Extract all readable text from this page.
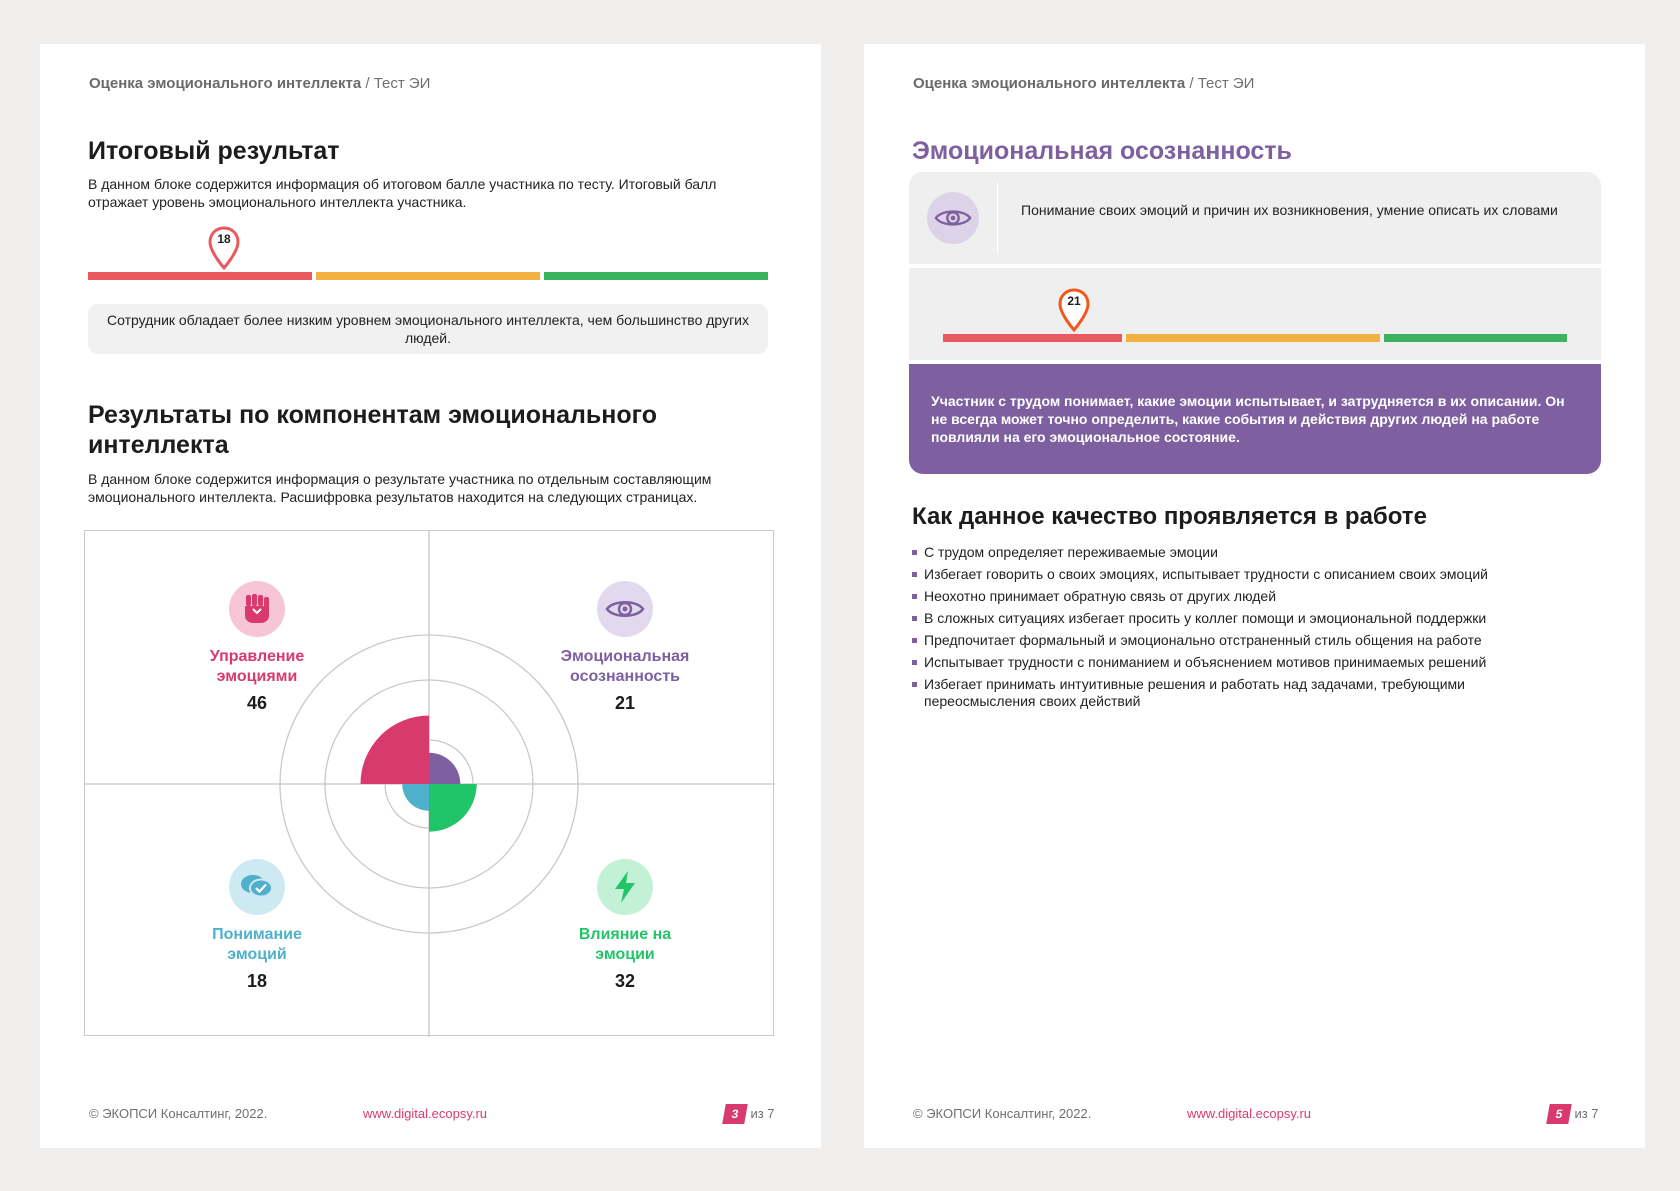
Оценка эмоционального интеллекта / Тест ЭИ
Итоговый результат
В данном блоке содержится информация об итоговом балле участника по тесту. Итоговый балл отражает уровень эмоционального интеллекта участника.
18
Сотрудник обладает более низким уровнем эмоционального интеллекта, чем большинство других людей.
Результаты по компонентам эмоционального интеллекта
В данном блоке содержится информация о результате участника по отдельным составляющим эмоционального интеллекта. Расшифровка результатов находится на следующих страницах.
Управление эмоциями
46
Эмоциональная осознанность
21
Понимание эмоций
18
Влияние на эмоции
32
© ЭКОПСИ Консалтинг, 2022.	www.digital.ecopsy.ru	3 из 7
Оценка эмоционального интеллекта / Тест ЭИ
Эмоциональная осознанность
Понимание своих эмоций и причин их возникновения, умение описать их словами
21
Участник с трудом понимает, какие эмоции испытывает, и затрудняется в их описании. Он не всегда может точно определить, какие события и действия других людей на работе повлияли на его эмоциональное состояние.
Как данное качество проявляется в работе
С трудом определяет переживаемые эмоции
Избегает говорить о своих эмоциях, испытывает трудности с описанием своих эмоций
Неохотно принимает обратную связь от других людей
В сложных ситуациях избегает просить у коллег помощи и эмоциональной поддержки
Предпочитает формальный и эмоционально отстраненный стиль общения на работе
Испытывает трудности с пониманием и объяснением мотивов принимаемых решений
Избегает принимать интуитивные решения и работать над задачами, требующими переосмысления своих действий
© ЭКОПСИ Консалтинг, 2022.	www.digital.ecopsy.ru	5 из 7
